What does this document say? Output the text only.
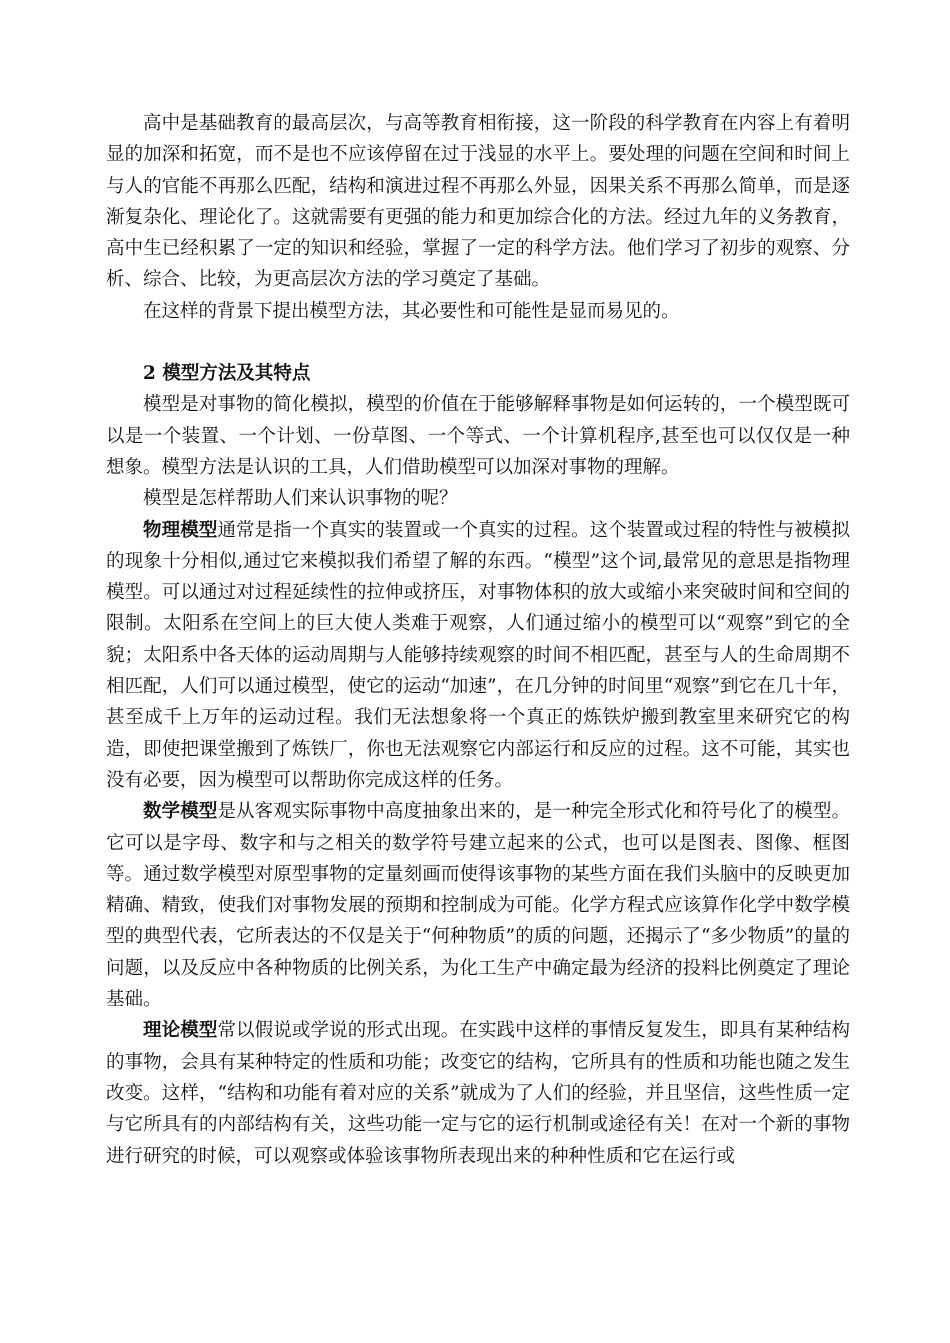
高中是基础教育的最高层次，与高等教育相衔接，这一阶段的科学教育在内容上有着明显的加深和拓宽，而不是也不应该停留在过于浅显的水平上。要处理的问题在空间和时间上与人的官能不再那么匹配，结构和演进过程不再那么外显，因果关系不再那么简单，而是逐渐复杂化、理论化了。这就需要有更强的能力和更加综合化的方法。经过九年的义务教育，高中生已经积累了一定的知识和经验，掌握了一定的科学方法。他们学习了初步的观察、分析、综合、比较，为更高层次方法的学习奠定了基础。

在这样的背景下提出模型方法，其必要性和可能性是显而易见的。

2 模型方法及其特点

模型是对事物的简化模拟，模型的价值在于能够解释事物是如何运转的，一个模型既可以是一个装置、一个计划、一份草图、一个等式、一个计算机程序,甚至也可以仅仅是一种想象。模型方法是认识的工具，人们借助模型可以加深对事物的理解。

模型是怎样帮助人们来认识事物的呢？

物理模型通常是指一个真实的装置或一个真实的过程。这个装置或过程的特性与被模拟的现象十分相似,通过它来模拟我们希望了解的东西。“模型”这个词,最常见的意思是指物理模型。可以通过对过程延续性的拉伸或挤压，对事物体积的放大或缩小来突破时间和空间的限制。太阳系在空间上的巨大使人类难于观察，人们通过缩小的模型可以“观察”到它的全貌；太阳系中各天体的运动周期与人能够持续观察的时间不相匹配，甚至与人的生命周期不相匹配，人们可以通过模型，使它的运动“加速”，在几分钟的时间里“观察”到它在几十年，甚至成千上万年的运动过程。我们无法想象将一个真正的炼铁炉搬到教室里来研究它的构造，即使把课堂搬到了炼铁厂，你也无法观察它内部运行和反应的过程。这不可能，其实也没有必要，因为模型可以帮助你完成这样的任务。

数学模型是从客观实际事物中高度抽象出来的，是一种完全形式化和符号化了的模型。它可以是字母、数字和与之相关的数学符号建立起来的公式，也可以是图表、图像、框图等。通过数学模型对原型事物的定量刻画而使得该事物的某些方面在我们头脑中的反映更加精确、精致，使我们对事物发展的预期和控制成为可能。化学方程式应该算作化学中数学模型的典型代表，它所表达的不仅是关于“何种物质”的质的问题，还揭示了“多少物质”的量的问题，以及反应中各种物质的比例关系，为化工生产中确定最为经济的投料比例奠定了理论基础。

理论模型常以假说或学说的形式出现。在实践中这样的事情反复发生，即具有某种结构的事物，会具有某种特定的性质和功能；改变它的结构，它所具有的性质和功能也随之发生改变。这样，“结构和功能有着对应的关系”就成为了人们的经验，并且坚信，这些性质一定与它所具有的内部结构有关，这些功能一定与它的运行机制或途径有关！在对一个新的事物进行研究的时候，可以观察或体验该事物所表现出来的种种性质和它在运行或
